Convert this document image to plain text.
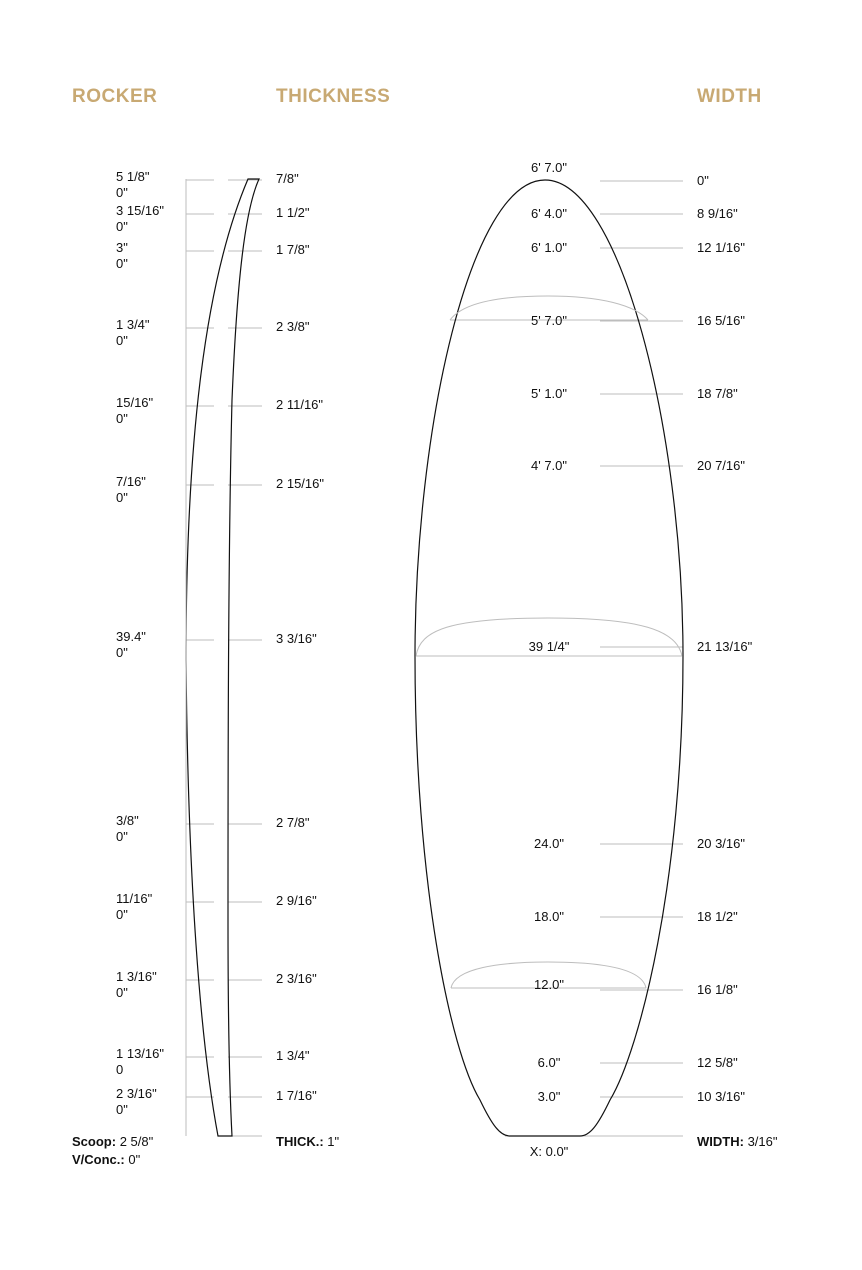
ROCKER	THICKNESS	WIDTH
5 1/8"
0"
3 15/16"
0"
3"
0"
1 3/4"
0"
15/16"
0"
7/16"
0"
39.4"
0"
3/8"
0"
11/16"
0"
1 3/16"
0"
1 13/16"
0
2 3/16"
0"
7/8"
1 1/2"
1 7/8"
2 3/8"
2 11/16"
2 15/16"
3 3/16"
2 7/8"
2 9/16"
2 3/16"
1 3/4"
1 7/16"
6' 7.0"
6' 4.0"
6' 1.0"
5' 7.0"
5' 1.0"
4' 7.0"
39 1/4"
24.0"
18.0"
12.0"
6.0"
3.0"
0"
8 9/16"
12 1/16"
16 5/16"
18 7/8"
20 7/16"
21 13/16"
20 3/16"
18 1/2"
16 1/8"
12 5/8"
10 3/16"
Scoop: 2 5/8"
V/Conc.: 0"
THICK.: 1"
X: 0.0"
WIDTH: 3/16"
